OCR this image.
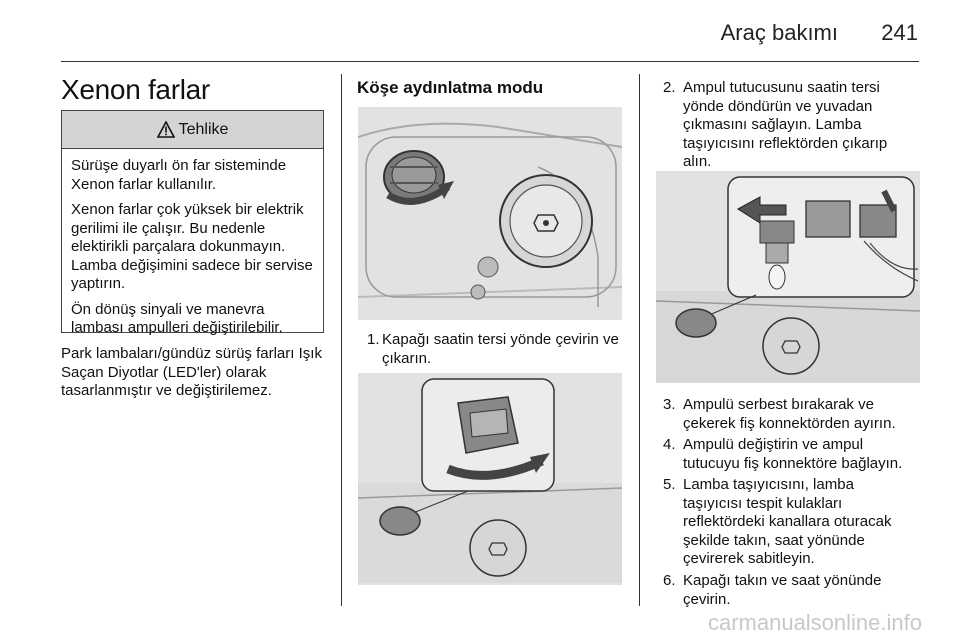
Araç bakımı 241
Xenon farlar
Tehlike

Sürüşe duyarlı ön far sisteminde Xenon farlar kullanılır.

Xenon farlar çok yüksek bir elektrik gerilimi ile çalışır. Bu nedenle elektirikli parçalara dokunmayın. Lamba değişimini sadece bir servise yaptırın.

Ön dönüş sinyali ve manevra lambası ampulleri değiştirilebilir.

Park lambaları/gündüz sürüş farları Işık Saçan Diyotlar (LED'ler) olarak tasarlanmıştır ve değiştirilemez.

Köşe aydınlatma modu
1. Kapağı saatin tersi yönde çevirin ve çıkarın.
2. Ampul tutucusunu saatin tersi yönde döndürün ve yuvadan çıkmasını sağlayın. Lamba taşıyıcısını reflektörden çıkarıp alın.
3. Ampulü serbest bırakarak ve çekerek fiş konnektörden ayırın.
4. Ampulü değiştirin ve ampul tutucuyu fiş konnektöre bağlayın.
5. Lamba taşıyıcısını, lamba taşıyıcısı tespit kulakları reflektördeki kanallara oturacak şekilde takın, saat yönünde çevirerek sabitleyin.
6. Kapağı takın ve saat yönünde çevirin.
carmanualsonline.info
